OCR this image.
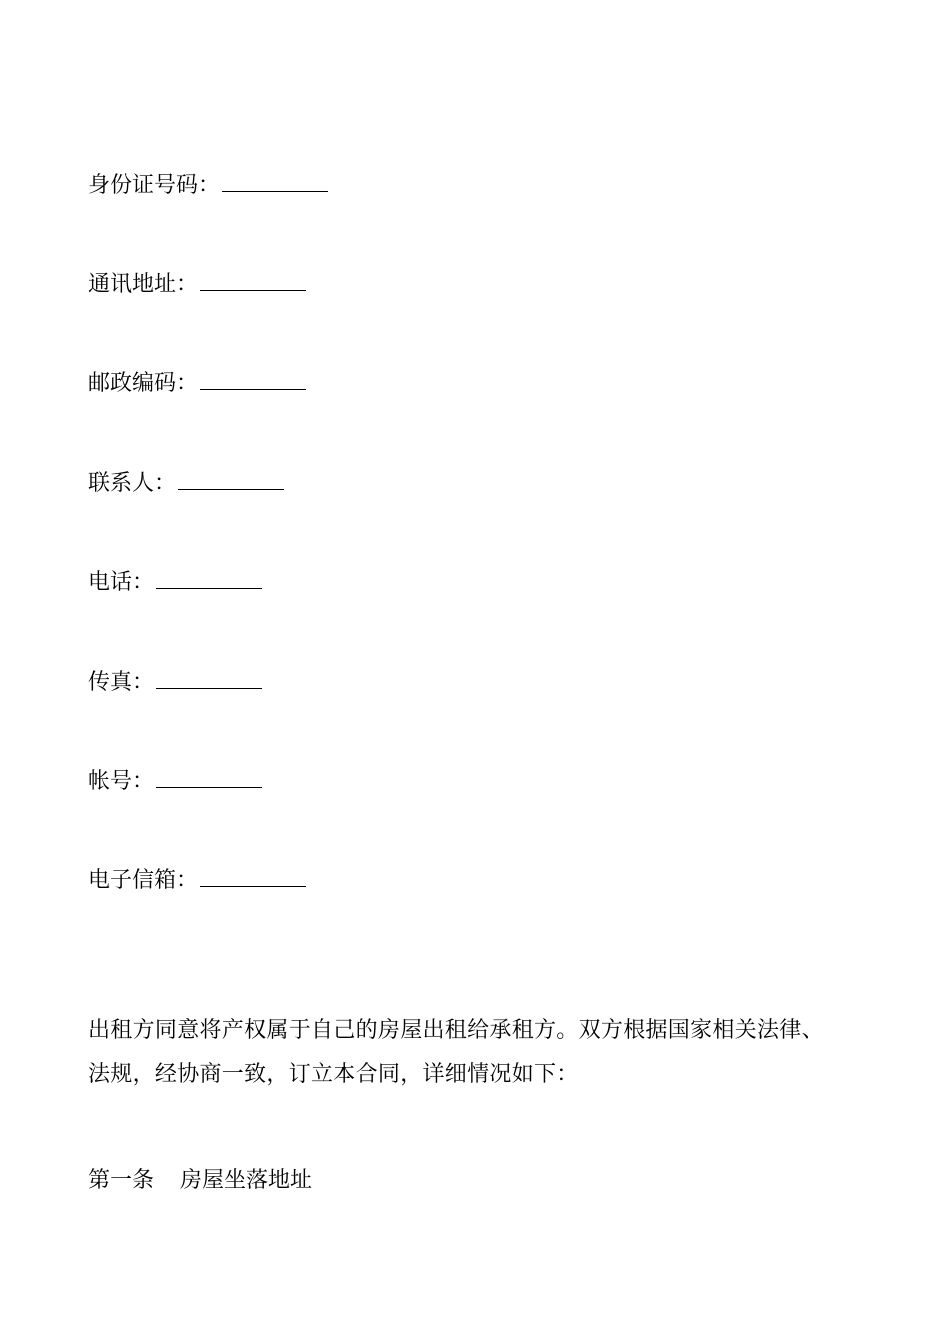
身份证号码：
通讯地址：
邮政编码：
联系人：
电话：
传真：
帐号：
电子信箱：
出租方同意将产权属于自己的房屋出租给承租方。双方根据国家相关法律、
法规，经协商一致，订立本合同，详细情况如下：
第一条 房屋坐落地址
